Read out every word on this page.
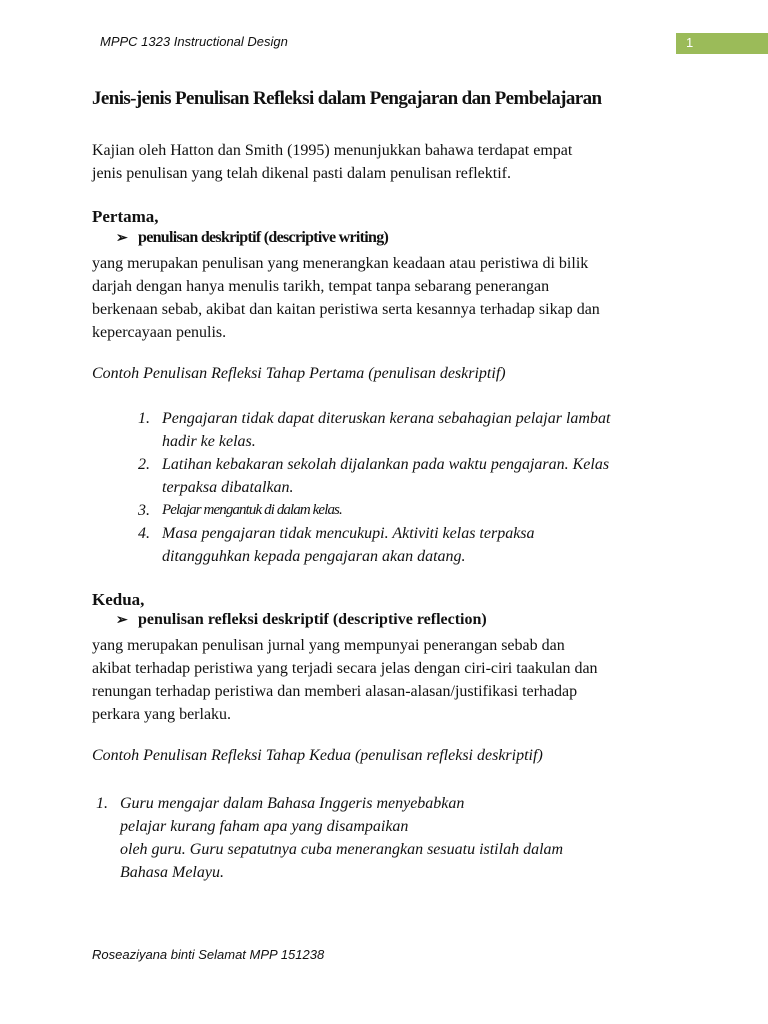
MPPC 1323 Instructional Design	1
Jenis-jenis Penulisan Refleksi dalam Pengajaran dan Pembelajaran
Kajian oleh Hatton dan Smith (1995) menunjukkan bahawa terdapat empat
jenis penulisan yang telah dikenal pasti dalam penulisan reflektif.
Pertama,
➢ penulisan deskriptif (descriptive writing)
yang merupakan penulisan yang menerangkan keadaan atau peristiwa di bilik
darjah dengan hanya menulis tarikh, tempat tanpa sebarang penerangan
berkenaan sebab, akibat dan kaitan peristiwa serta kesannya terhadap sikap dan
kepercayaan penulis.
Contoh Penulisan Refleksi Tahap Pertama (penulisan deskriptif)
1. Pengajaran tidak dapat diteruskan kerana sebahagian pelajar lambat
hadir ke kelas.
2. Latihan kebakaran sekolah dijalankan pada waktu pengajaran. Kelas
terpaksa dibatalkan.
3. Pelajar mengantuk di dalam kelas.
4. Masa pengajaran tidak mencukupi. Aktiviti kelas terpaksa
ditangguhkan kepada pengajaran akan datang.
Kedua,
➢ penulisan refleksi deskriptif (descriptive reflection)
yang merupakan penulisan jurnal yang mempunyai penerangan sebab dan
akibat terhadap peristiwa yang terjadi secara jelas dengan ciri-ciri taakulan dan
renungan terhadap peristiwa dan memberi alasan-alasan/justifikasi terhadap
perkara yang berlaku.
Contoh Penulisan Refleksi Tahap Kedua (penulisan refleksi deskriptif)
1. Guru mengajar dalam Bahasa Inggeris menyebabkan
pelajar kurang faham apa yang disampaikan
oleh guru. Guru sepatutnya cuba menerangkan sesuatu istilah dalam
Bahasa Melayu.
Roseaziyana binti Selamat MPP 151238
